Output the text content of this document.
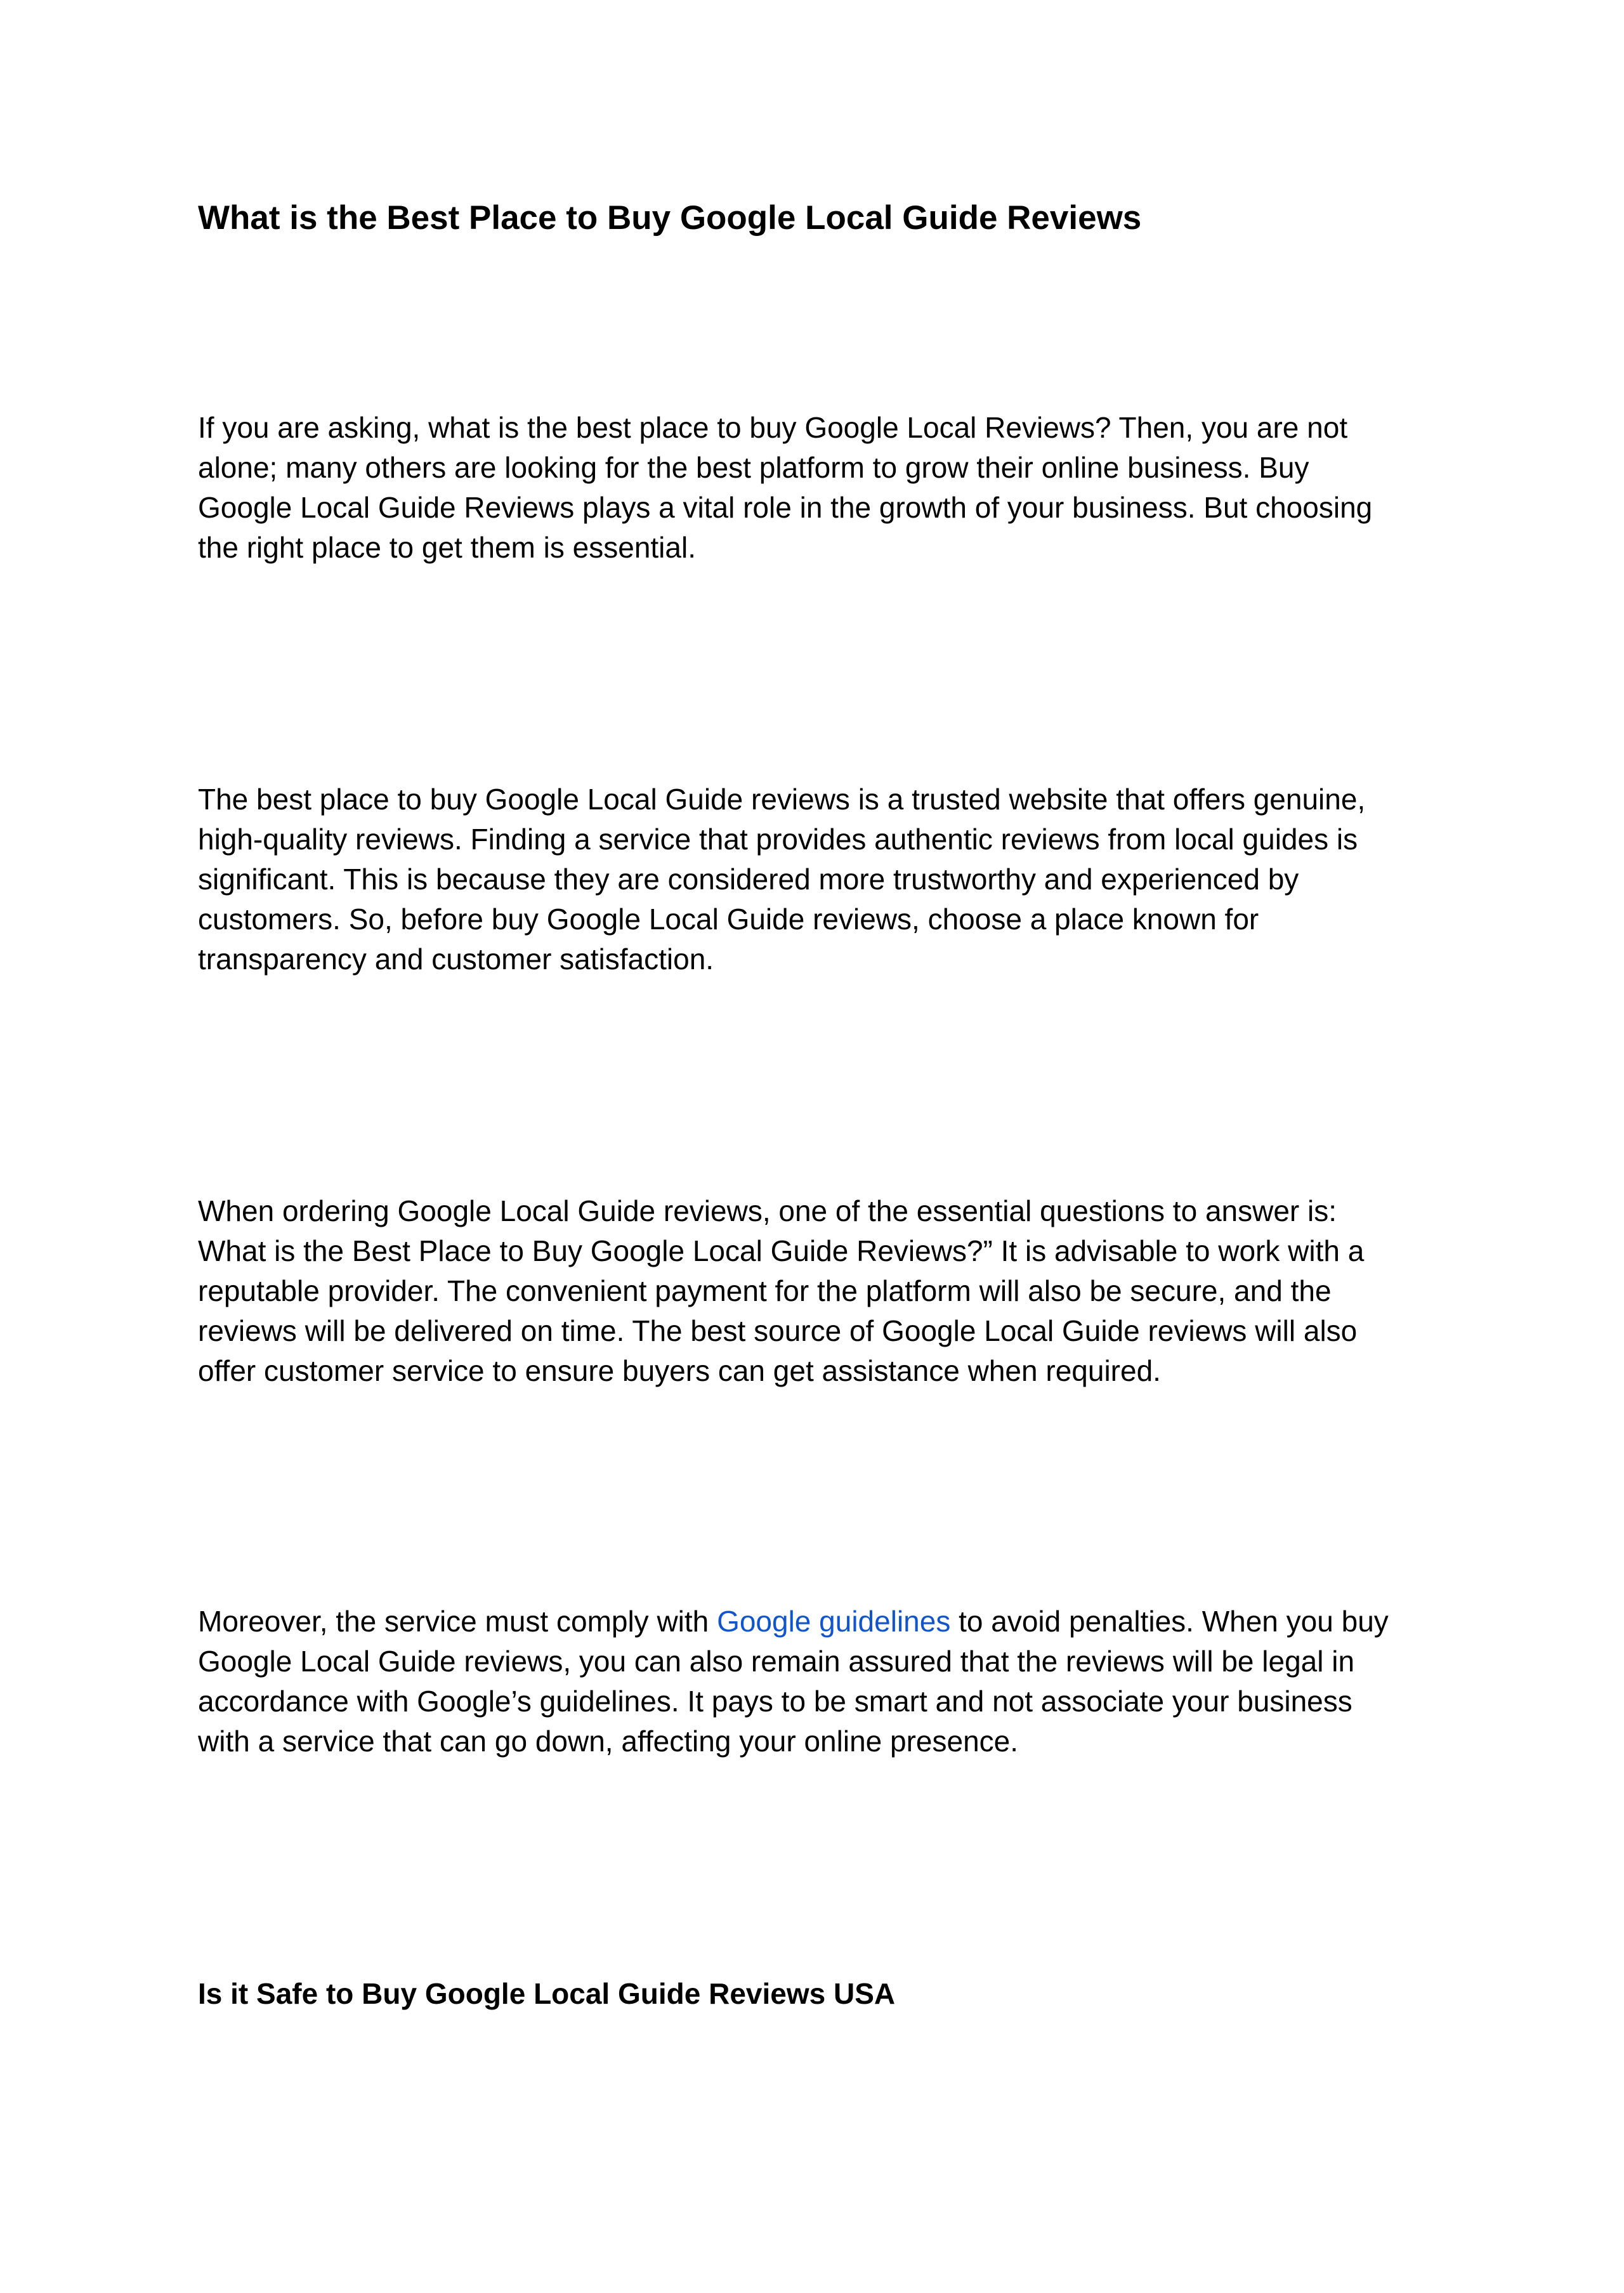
What is the Best Place to Buy Google Local Guide Reviews
If you are asking, what is the best place to buy Google Local Reviews? Then, you are not
alone; many others are looking for the best platform to grow their online business. Buy
Google Local Guide Reviews plays a vital role in the growth of your business. But choosing
the right place to get them is essential.
The best place to buy Google Local Guide reviews is a trusted website that offers genuine,
high-quality reviews. Finding a service that provides authentic reviews from local guides is
significant. This is because they are considered more trustworthy and experienced by
customers. So, before buy Google Local Guide reviews, choose a place known for
transparency and customer satisfaction.
When ordering Google Local Guide reviews, one of the essential questions to answer is:
What is the Best Place to Buy Google Local Guide Reviews?” It is advisable to work with a
reputable provider. The convenient payment for the platform will also be secure, and the
reviews will be delivered on time. The best source of Google Local Guide reviews will also
offer customer service to ensure buyers can get assistance when required.
Moreover, the service must comply with Google guidelines to avoid penalties. When you buy
Google Local Guide reviews, you can also remain assured that the reviews will be legal in
accordance with Google’s guidelines. It pays to be smart and not associate your business
with a service that can go down, affecting your online presence.
Is it Safe to Buy Google Local Guide Reviews USA
